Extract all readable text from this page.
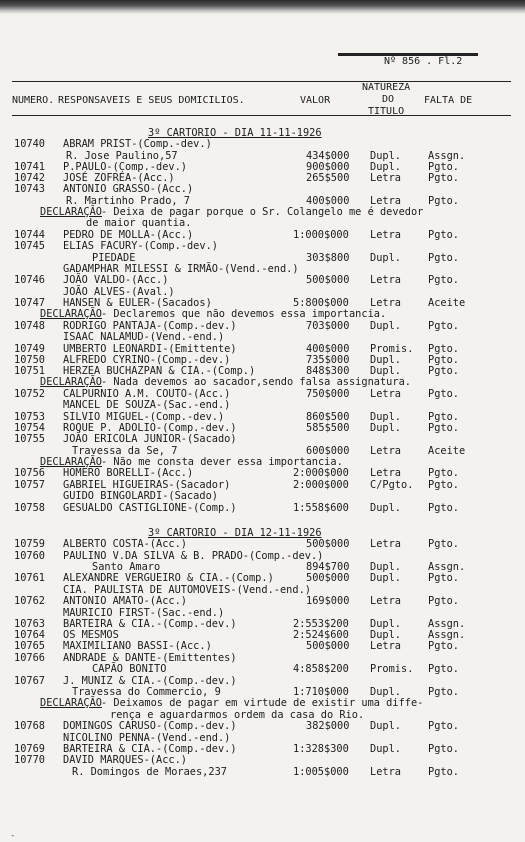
Nº 856 . Fl.2
NUMERO. RESPONSAVEIS E SEUS DOMICILIOS.	VALOR
NATUREZA
DO
TITULO
FALTA DE
3º CARTORIO - DIA 11-11-1926
10740 ABRAM PRIST-(Comp.-dev.)
R. Jose Paulino,57	434$000 Dupl.	Assgn.
10741 P.PAULO-(Comp.-dev.)	900$000 Dupl.	Pgto.
10742 JOSÉ ZOFRÉA-(Acc.)	265$500 Letra	Pgto.
10743 ANTONIO GRASSO-(Acc.)
R. Martinho Prado, 7	400$000 Letra	Pgto.
DECLARAÇÃO - Deixa de pagar porque o Sr. Colangelo me é devedor
de maior quantia.
10744 PEDRO DE MOLLA-(Acc.)	1:000$000 Letra	Pgto.
10745 ELIAS FACURY-(Comp.-dev.)
PIEDADE	303$800 Dupl.	Pgto.
GADAMPHAR MILESSI & IRMÃO-(Vend.-end.)
10746 JOÃO VALDO-(Acc.)	500$000 Letra	Pgto.
JOÃO ALVES-(Aval.)
10747 HANSEN & EULER-(Sacados)	5:800$000 Letra	Aceite
DECLARAÇÃO - Declaremos que não devemos essa importancia.
10748 RODRIGO PANTAJA-(Comp.-dev.)	703$000 Dupl.	Pgto.
ISAAC NALAMUD-(Vend.-end.)
10749 UMBERTO LEONARDI-(Emittente)	400$000 Promis. Pgto.
10750 ALFREDO CYRINO-(Comp.-dev.)	735$000 Dupl.	Pgto.
10751 HERZEA BUCHAZPAN & CIA.-(Comp.)	848$300 Dupl.	Pgto.
DECLARAÇÃO - Nada devemos ao sacador,sendo falsa assignatura.
10752 CALPURNIO A.M. COUTO-(Acc.)	750$000 Letra	Pgto.
MANCEL DE SOUZA-(Sac.-end.)
10753 SILVIO MIGUEL-(Comp.-dev.)	860$500 Dupl.	Pgto.
10754 ROQUE P. ADOLIO-(Comp.-dev.)	585$500 Dupl.	Pgto.
10755 JOÃO ERICOLA JUNIOR-(Sacado)
Travessa da Se, 7	600$000 Letra	Aceite
DECLARAÇÃO - Não me consta dever essa importancia.
10756 HOMERO BORELLI-(Acc.)	2:000$000 Letra	Pgto.
10757 GABRIEL HIGUEIRAS-(Sacador)	2:000$000 C/Pgto. Pgto.
GUIDO BINGOLARDI-(Sacado)
10758 GESUALDO CASTIGLIONE-(Comp.)	1:558$600 Dupl.	Pgto.
3º CARTORIO - DIA 12-11-1926
10759 ALBERTO COSTA-(Acc.)	500$000 Letra	Pgto.
10760 PAULINO V.DA SILVA & B. PRADO-(Comp.-dev.)
Santo Amaro	894$700 Dupl.	Assgn.
10761 ALEXANDRE VERGUEIRO & CIA.-(Comp.)	500$000 Dupl.	Pgto.
CIA. PAULISTA DE AUTOMOVEIS-(Vend.-end.)
10762 ANTONIO AMATO-(Acc.)	169$000 Letra	Pgto.
MAURICIO FIRST-(Sac.-end.)
10763 BARTEIRA & CIA.-(Comp.-dev.)	2:553$200 Dupl.	Assgn.
10764 OS MESMOS	2:524$600 Dupl.	Assgn.
10765 MAXIMILIANO BASSI-(Acc.)	500$000 Letra	Pgto.
10766 ANDRADE & DANTE-(Emittentes)
CAPÃO BONITO	4:858$200 Promis. Pgto.
10767 J. MUNIZ & CIA.-(Comp.-dev.)
Travessa do Commercio, 9	1:710$000 Dupl.	Pgto.
DECLARAÇÃO - Deixamos de pagar em virtude de existir uma diffe-
rença e aguardarmos ordem da casa do Rio.
10768 DOMINGOS CARUSO-(Comp.-dev.)	382$000 Dupl.	Pgto.
NICOLINO PENNA-(Vend.-end.)
10769 BARTEIRA & CIA.-(Comp.-dev.)	1:328$300 Dupl.	Pgto.
10770 DAVID MARQUES-(Acc.)
R. Domingos de Moraes,237	1:005$000 Letra	Pgto.
-
